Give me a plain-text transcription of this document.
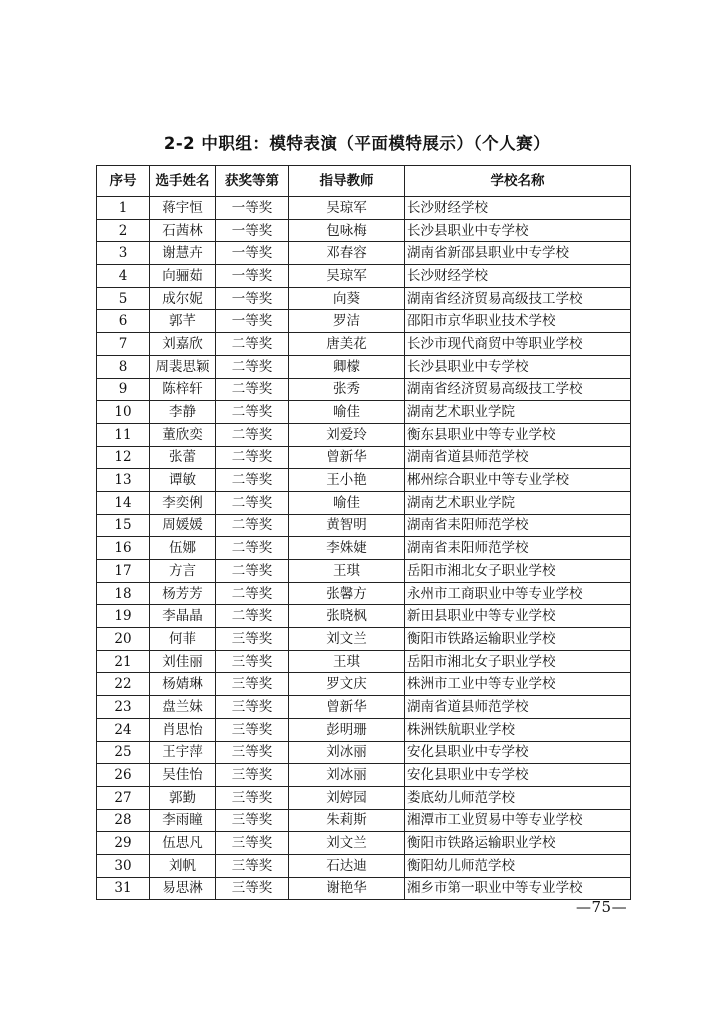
2-2 中职组：模特表演（平面模特展示）（个人赛）
序号	选手姓名	获奖等第	指导教师	学校名称
1	蒋宇恒	一等奖	吴琼军	长沙财经学校
2	石茜林	一等奖	包咏梅	长沙县职业中专学校
3	谢慧卉	一等奖	邓春容	湖南省新邵县职业中专学校
4	向骊茹	一等奖	吴琼军	长沙财经学校
5	成尔妮	一等奖	向葵	湖南省经济贸易高级技工学校
6	郭芊	一等奖	罗洁	邵阳市京华职业技术学校
7	刘嘉欣	二等奖	唐美花	长沙市现代商贸中等职业学校
8	周裴思颖	二等奖	卿檬	长沙县职业中专学校
9	陈梓轩	二等奖	张秀	湖南省经济贸易高级技工学校
10	李静	二等奖	喻佳	湖南艺术职业学院
11	董欣奕	二等奖	刘爱玲	衡东县职业中等专业学校
12	张蕾	二等奖	曾新华	湖南省道县师范学校
13	谭敏	二等奖	王小艳	郴州综合职业中等专业学校
14	李奕俐	二等奖	喻佳	湖南艺术职业学院
15	周媛媛	二等奖	黄智明	湖南省耒阳师范学校
16	伍娜	二等奖	李姝婕	湖南省耒阳师范学校
17	方言	二等奖	王琪	岳阳市湘北女子职业学校
18	杨芳芳	二等奖	张馨方	永州市工商职业中等专业学校
19	李晶晶	二等奖	张晓枫	新田县职业中等专业学校
20	何菲	三等奖	刘文兰	衡阳市铁路运输职业学校
21	刘佳丽	三等奖	王琪	岳阳市湘北女子职业学校
22	杨婧琳	三等奖	罗文庆	株洲市工业中等专业学校
23	盘兰妹	三等奖	曾新华	湖南省道县师范学校
24	肖思怡	三等奖	彭明珊	株洲铁航职业学校
25	王宇萍	三等奖	刘冰丽	安化县职业中专学校
26	吴佳怡	三等奖	刘冰丽	安化县职业中专学校
27	郭勤	三等奖	刘婷园	娄底幼儿师范学校
28	李雨瞳	三等奖	朱莉斯	湘潭市工业贸易中等专业学校
29	伍思凡	三等奖	刘文兰	衡阳市铁路运输职业学校
30	刘帆	三等奖	石达迪	衡阳幼儿师范学校
31	易思淋	三等奖	谢艳华	湘乡市第一职业中等专业学校
—75—
